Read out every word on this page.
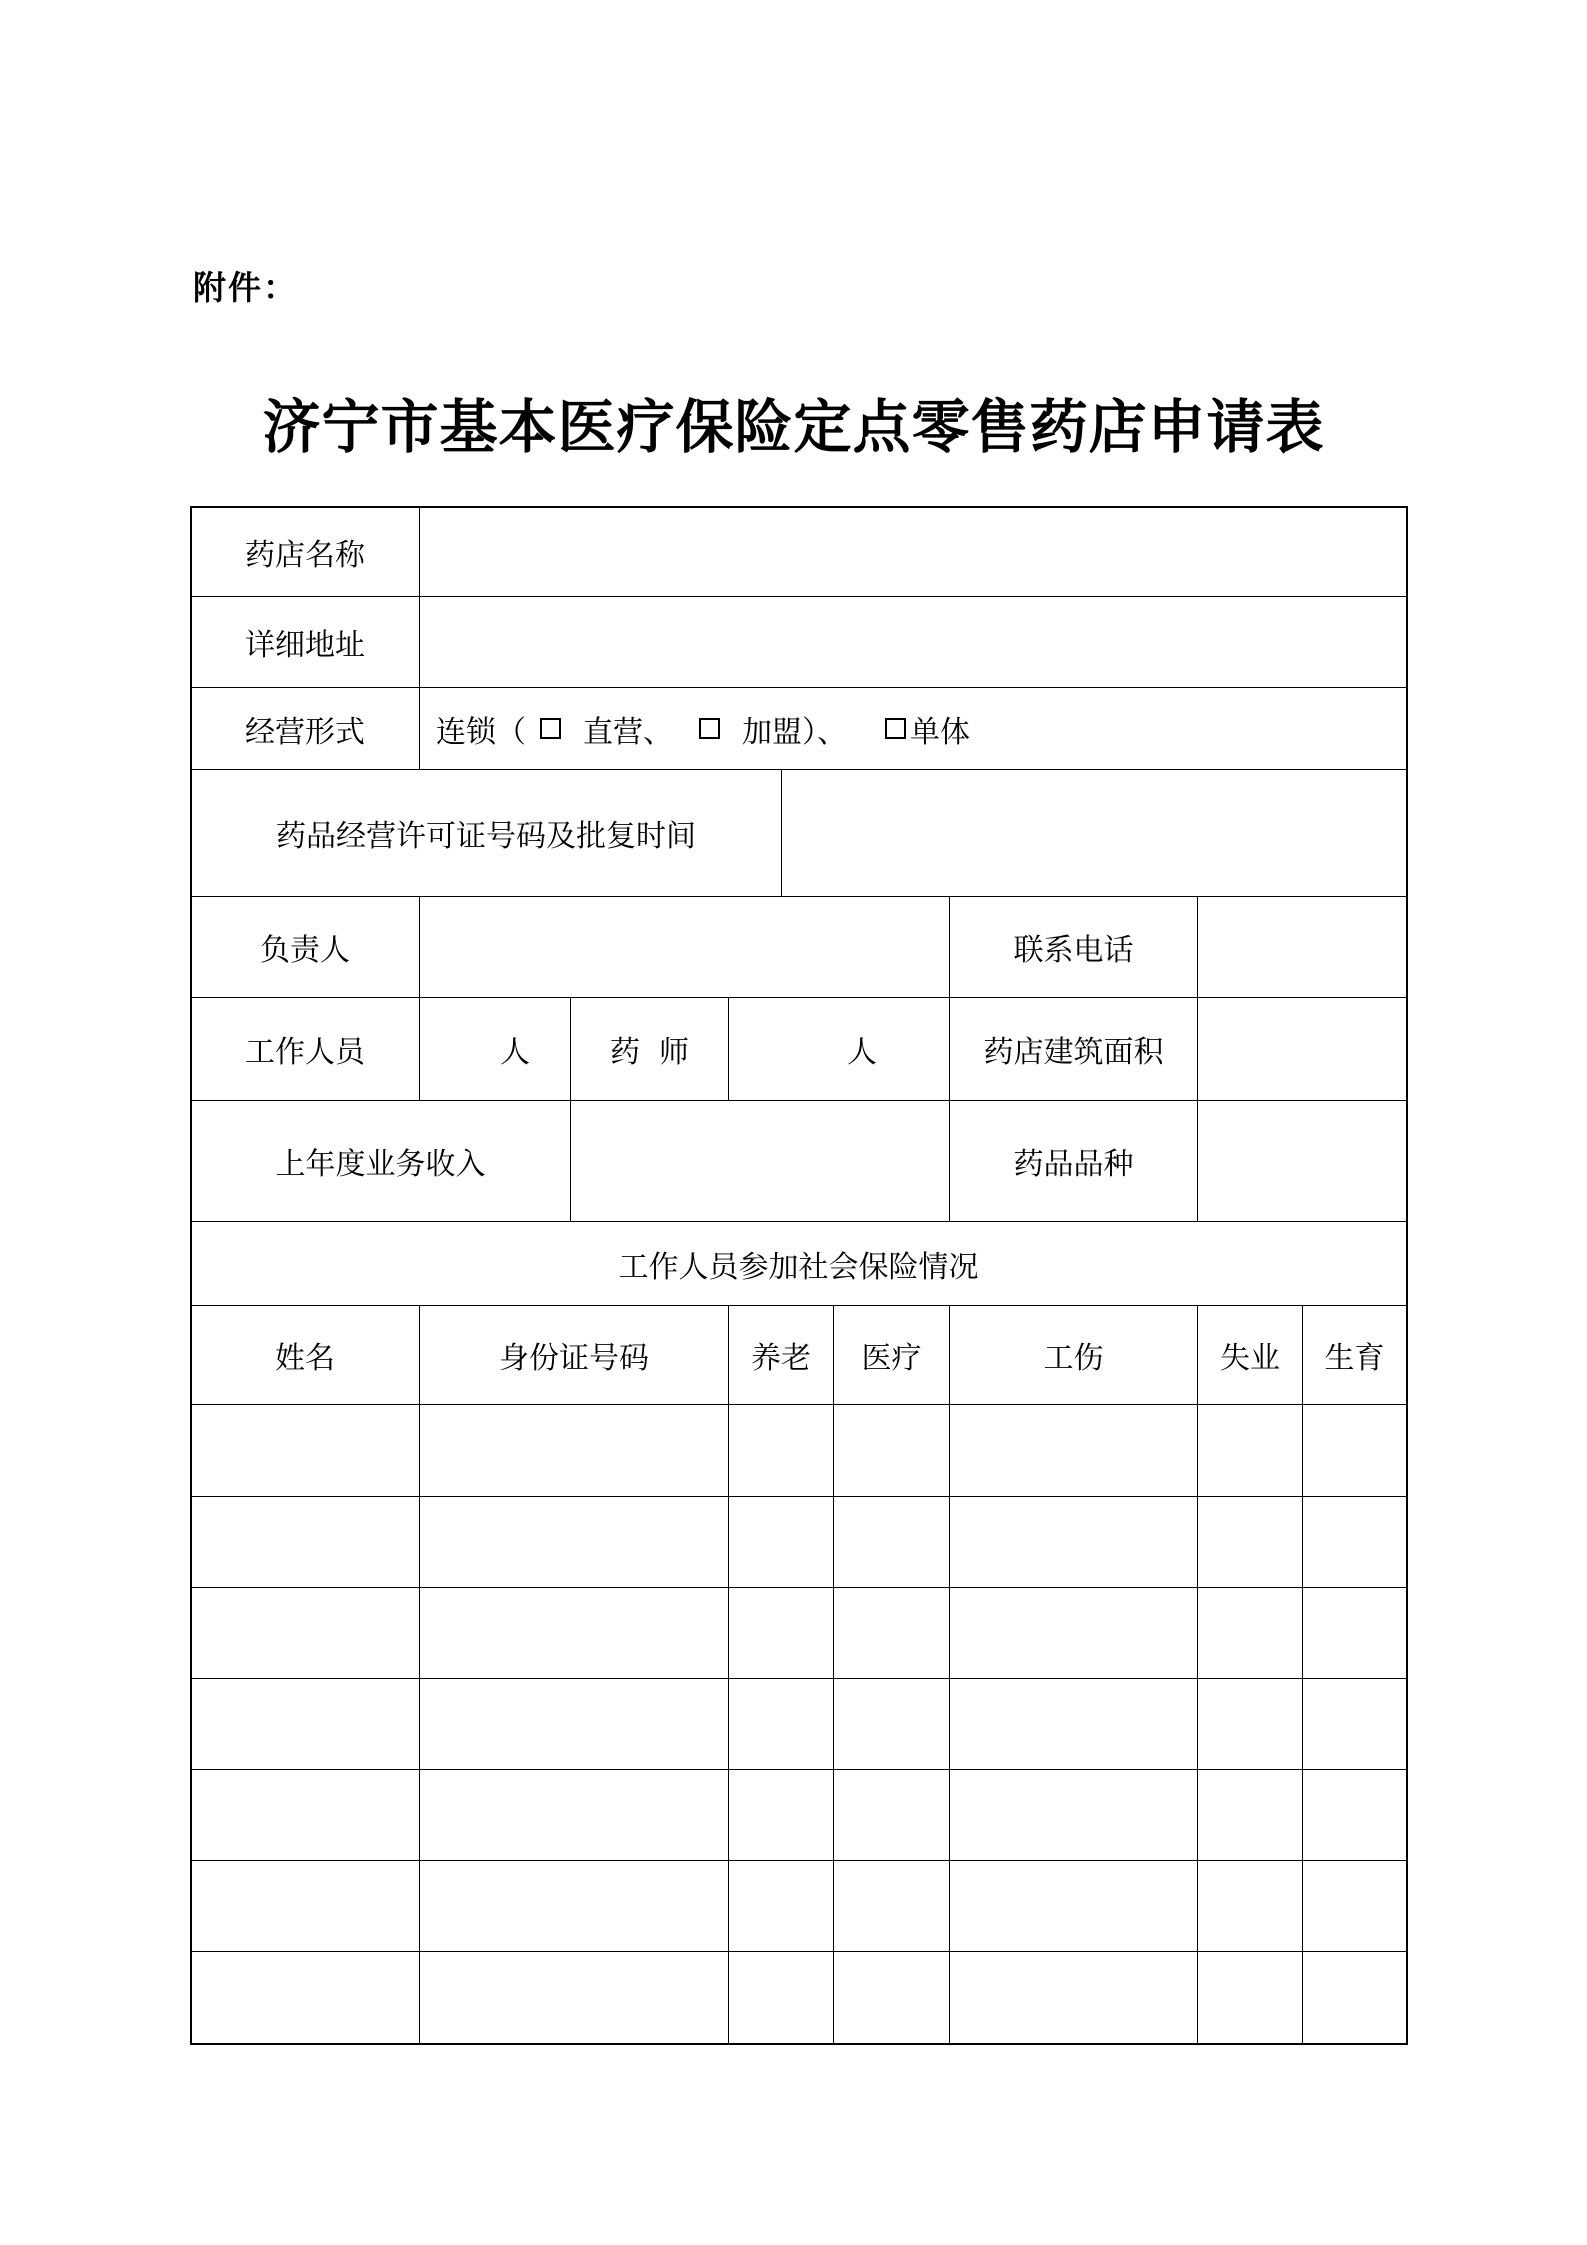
附件：
济宁市基本医疗保险定点零售药店申请表
药店名称
详细地址
经营形式	连锁（ 直营、 加盟）、 单体
药品经营许可证号码及批复时间
负责人	联系电话
工作人员	人	药  师	人	药店建筑面积
上年度业务收入	药品品种
工作人员参加社会保险情况
姓名	身份证号码	养老	医疗	工伤	失业	生育
